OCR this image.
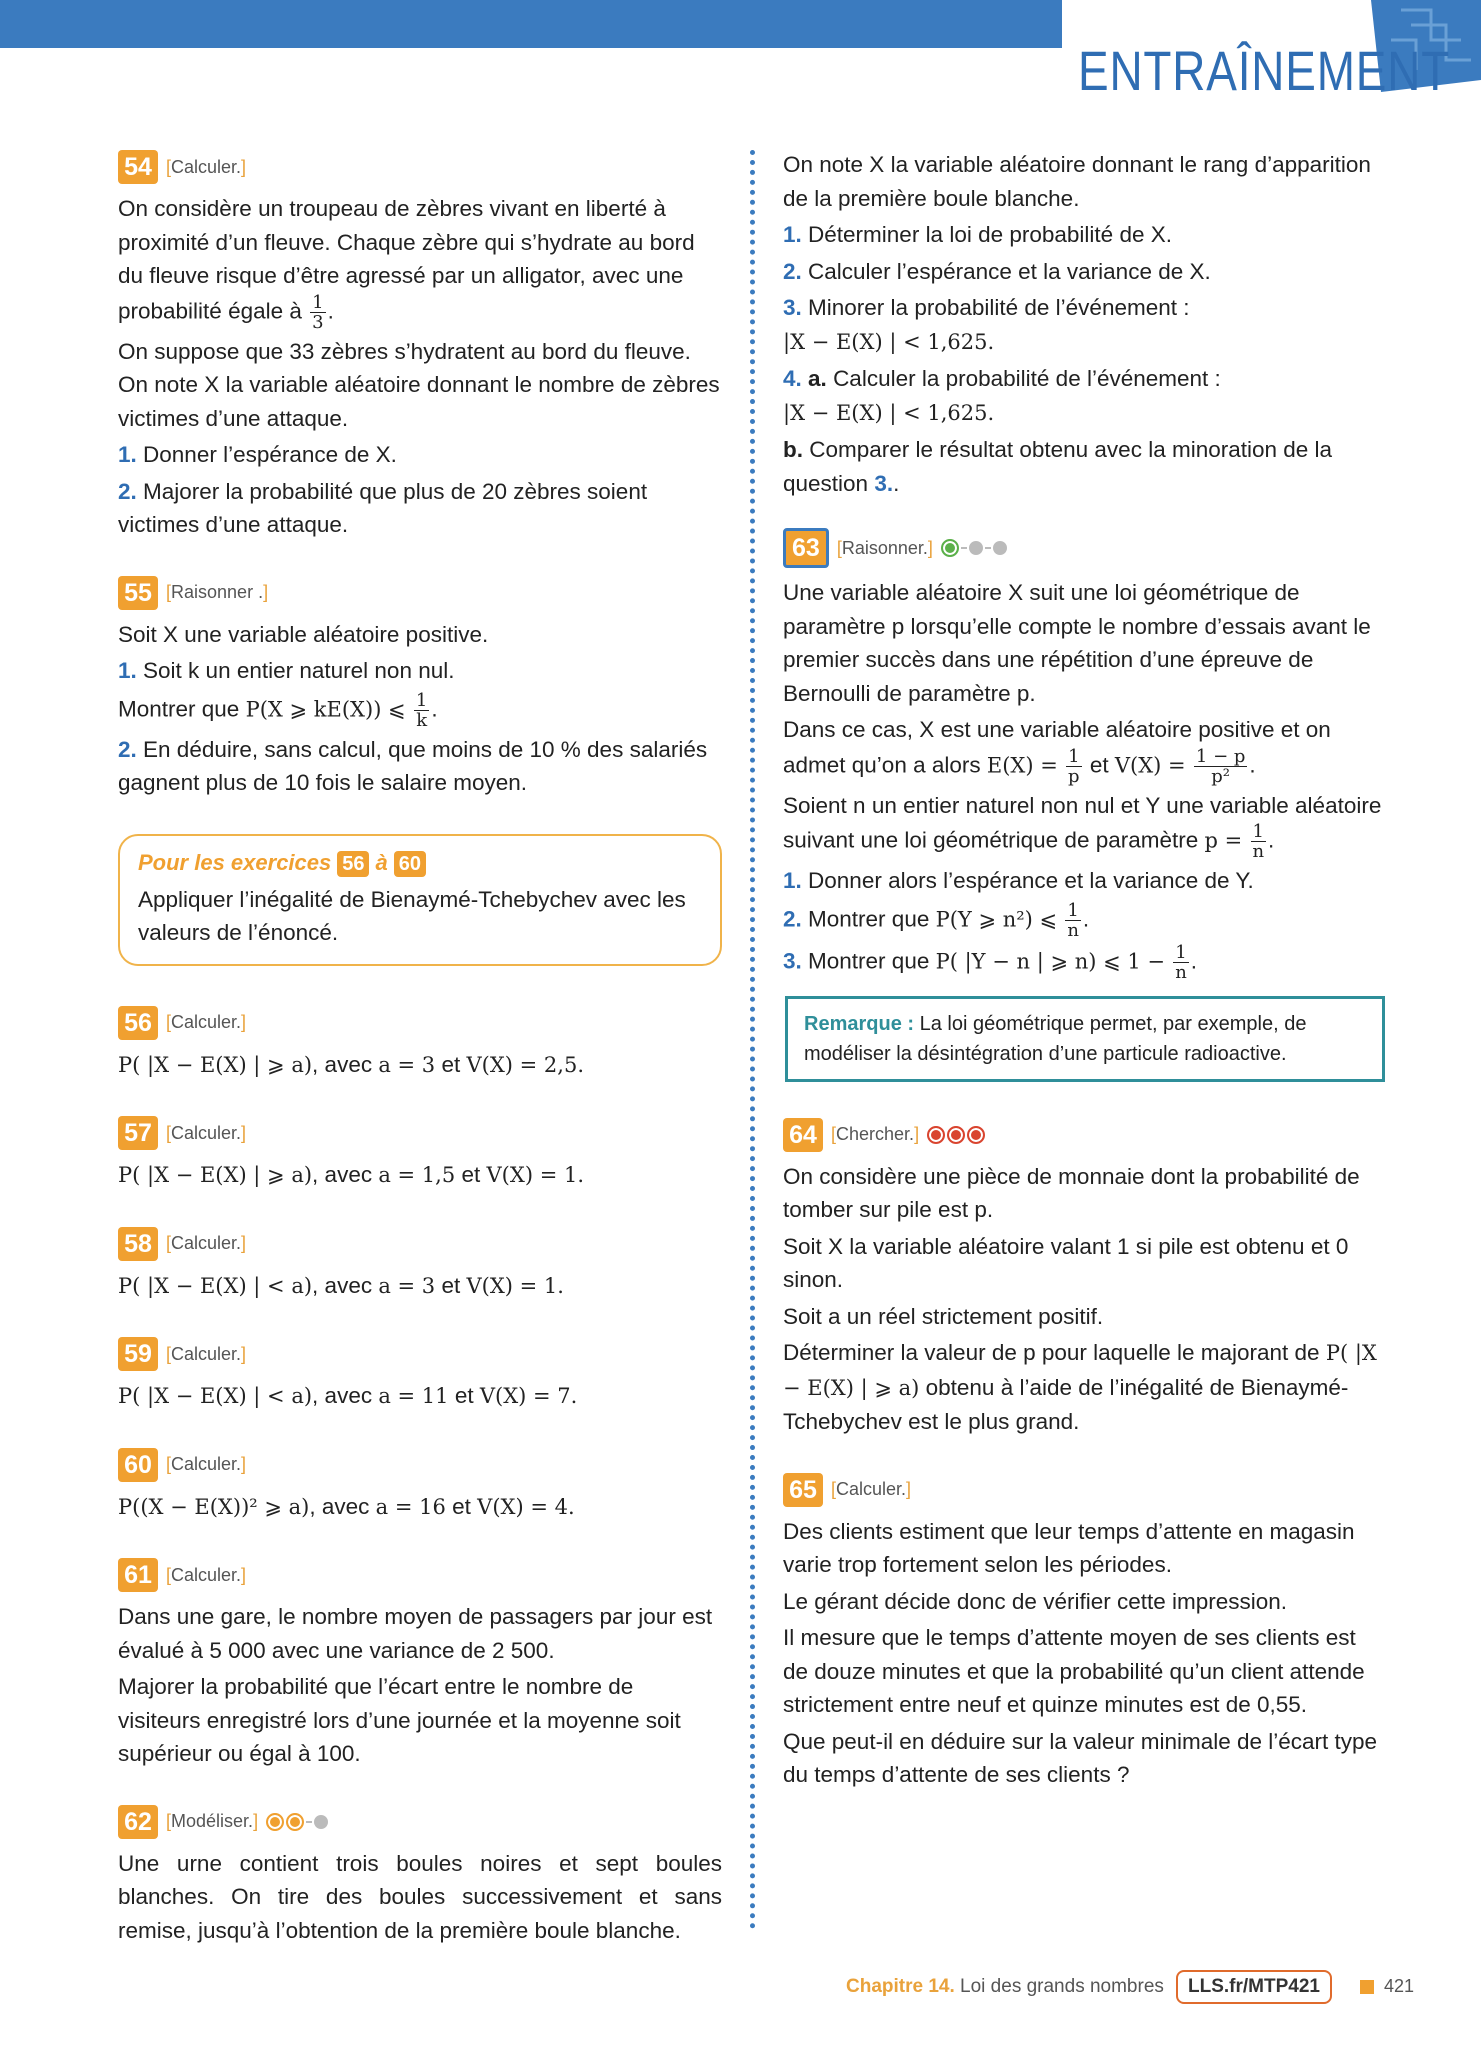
ENTRAÎNEMENT
54 [Calculer.]

On considère un troupeau de zèbres vivant en liberté à proximité d’un fleuve. Chaque zèbre qui s’hydrate au bord du fleuve risque d’être agressé par un alligator, avec une probabilité égale à $\frac{1}{3}$ .

On suppose que 33 zèbres s’hydratent au bord du fleuve. On note X la variable aléatoire donnant le nombre de zèbres victimes d’une attaque.

1. Donner l’espérance de X.

2. Majorer la probabilité que plus de 20 zèbres soient victimes d’une attaque.

55 [Raisonner .]

Soit X une variable aléatoire positive.

1. Soit k un entier naturel non nul.

Montrer que P(X ⩾ kE(X)) ⩽ $\frac{1}{k}$ .

2. En déduire, sans calcul, que moins de 10 % des salariés gagnent plus de 10 fois le salaire moyen.

Pour les exercices 56 à 60

Appliquer l’inégalité de Bienaymé-Tchebychev avec les valeurs de l’énoncé.

56 [Calculer.]

P( |X − E(X) | ⩾ a), avec a = 3 et V(X) = 2,5.

57 [Calculer.]

P( |X − E(X) | ⩾ a), avec a = 1,5 et V(X) = 1.

58 [Calculer.]

P( |X − E(X) | < a), avec a = 3 et V(X) = 1.

59 [Calculer.]

P( |X − E(X) | < a), avec a = 11 et V(X) = 7.

60 [Calculer.]

P((X − E(X))² ⩾ a), avec a = 16 et V(X) = 4.

61 [Calculer.]

Dans une gare, le nombre moyen de passagers par jour est évalué à 5 000 avec une variance de 2 500.

Majorer la probabilité que l’écart entre le nombre de visiteurs enregistré lors d’une journée et la moyenne soit supérieur ou égal à 100.

62 [Modéliser.]

Une urne contient trois boules noires et sept boules blanches. On tire des boules successivement et sans remise, jusqu’à l’obtention de la première boule blanche.

On note X la variable aléatoire donnant le rang d’apparition de la première boule blanche.

1. Déterminer la loi de probabilité de X.

2. Calculer l’espérance et la variance de X.

3. Minorer la probabilité de l’événement :
|X − E(X) | < 1,625.

4. a. Calculer la probabilité de l’événement :
|X − E(X) | < 1,625.

b. Comparer le résultat obtenu avec la minoration de la question 3..

63 [Raisonner.]

Une variable aléatoire X suit une loi géométrique de paramètre p lorsqu’elle compte le nombre d’essais avant le premier succès dans une répétition d’une épreuve de Bernoulli de paramètre p.

Dans ce cas, X est une variable aléatoire positive et on admet qu’on a alors $E(X) = \frac{1}{p}$ et $V(X) = \frac{1 - p}{\text{p²}}$ .

Soient n un entier naturel non nul et Y une variable aléatoire suivant une loi géométrique de paramètre $p = \frac{1}{n}$ .

1. Donner alors l’espérance et la variance de Y.

2. Montrer que P(Y ⩾ n²) ⩽ $\frac{1}{n}$ .

3. Montrer que P( |Y − n | ⩾ n) ⩽ $1 - \frac{1}{n}$ .

Remarque : La loi géométrique permet, par exemple, de modéliser la désintégration d’une particule radioactive.

64 [Chercher.]

On considère une pièce de monnaie dont la probabilité de tomber sur pile est p.

Soit X la variable aléatoire valant 1 si pile est obtenu et 0 sinon.

Soit a un réel strictement positif.

Déterminer la valeur de p pour laquelle le majorant de P( |X − E(X) | ⩾ a) obtenu à l’aide de l’inégalité de Bienaymé-Tchebychev est le plus grand.

65 [Calculer.]

Des clients estiment que leur temps d’attente en magasin varie trop fortement selon les périodes.

Le gérant décide donc de vérifier cette impression.

Il mesure que le temps d’attente moyen de ses clients est de douze minutes et que la probabilité qu’un client attende strictement entre neuf et quinze minutes est de 0,55.

Que peut-il en déduire sur la valeur minimale de l’écart type du temps d’attente de ses clients ?

Chapitre 14. Loi des grands nombres	LLS.fr/MTP421	421
